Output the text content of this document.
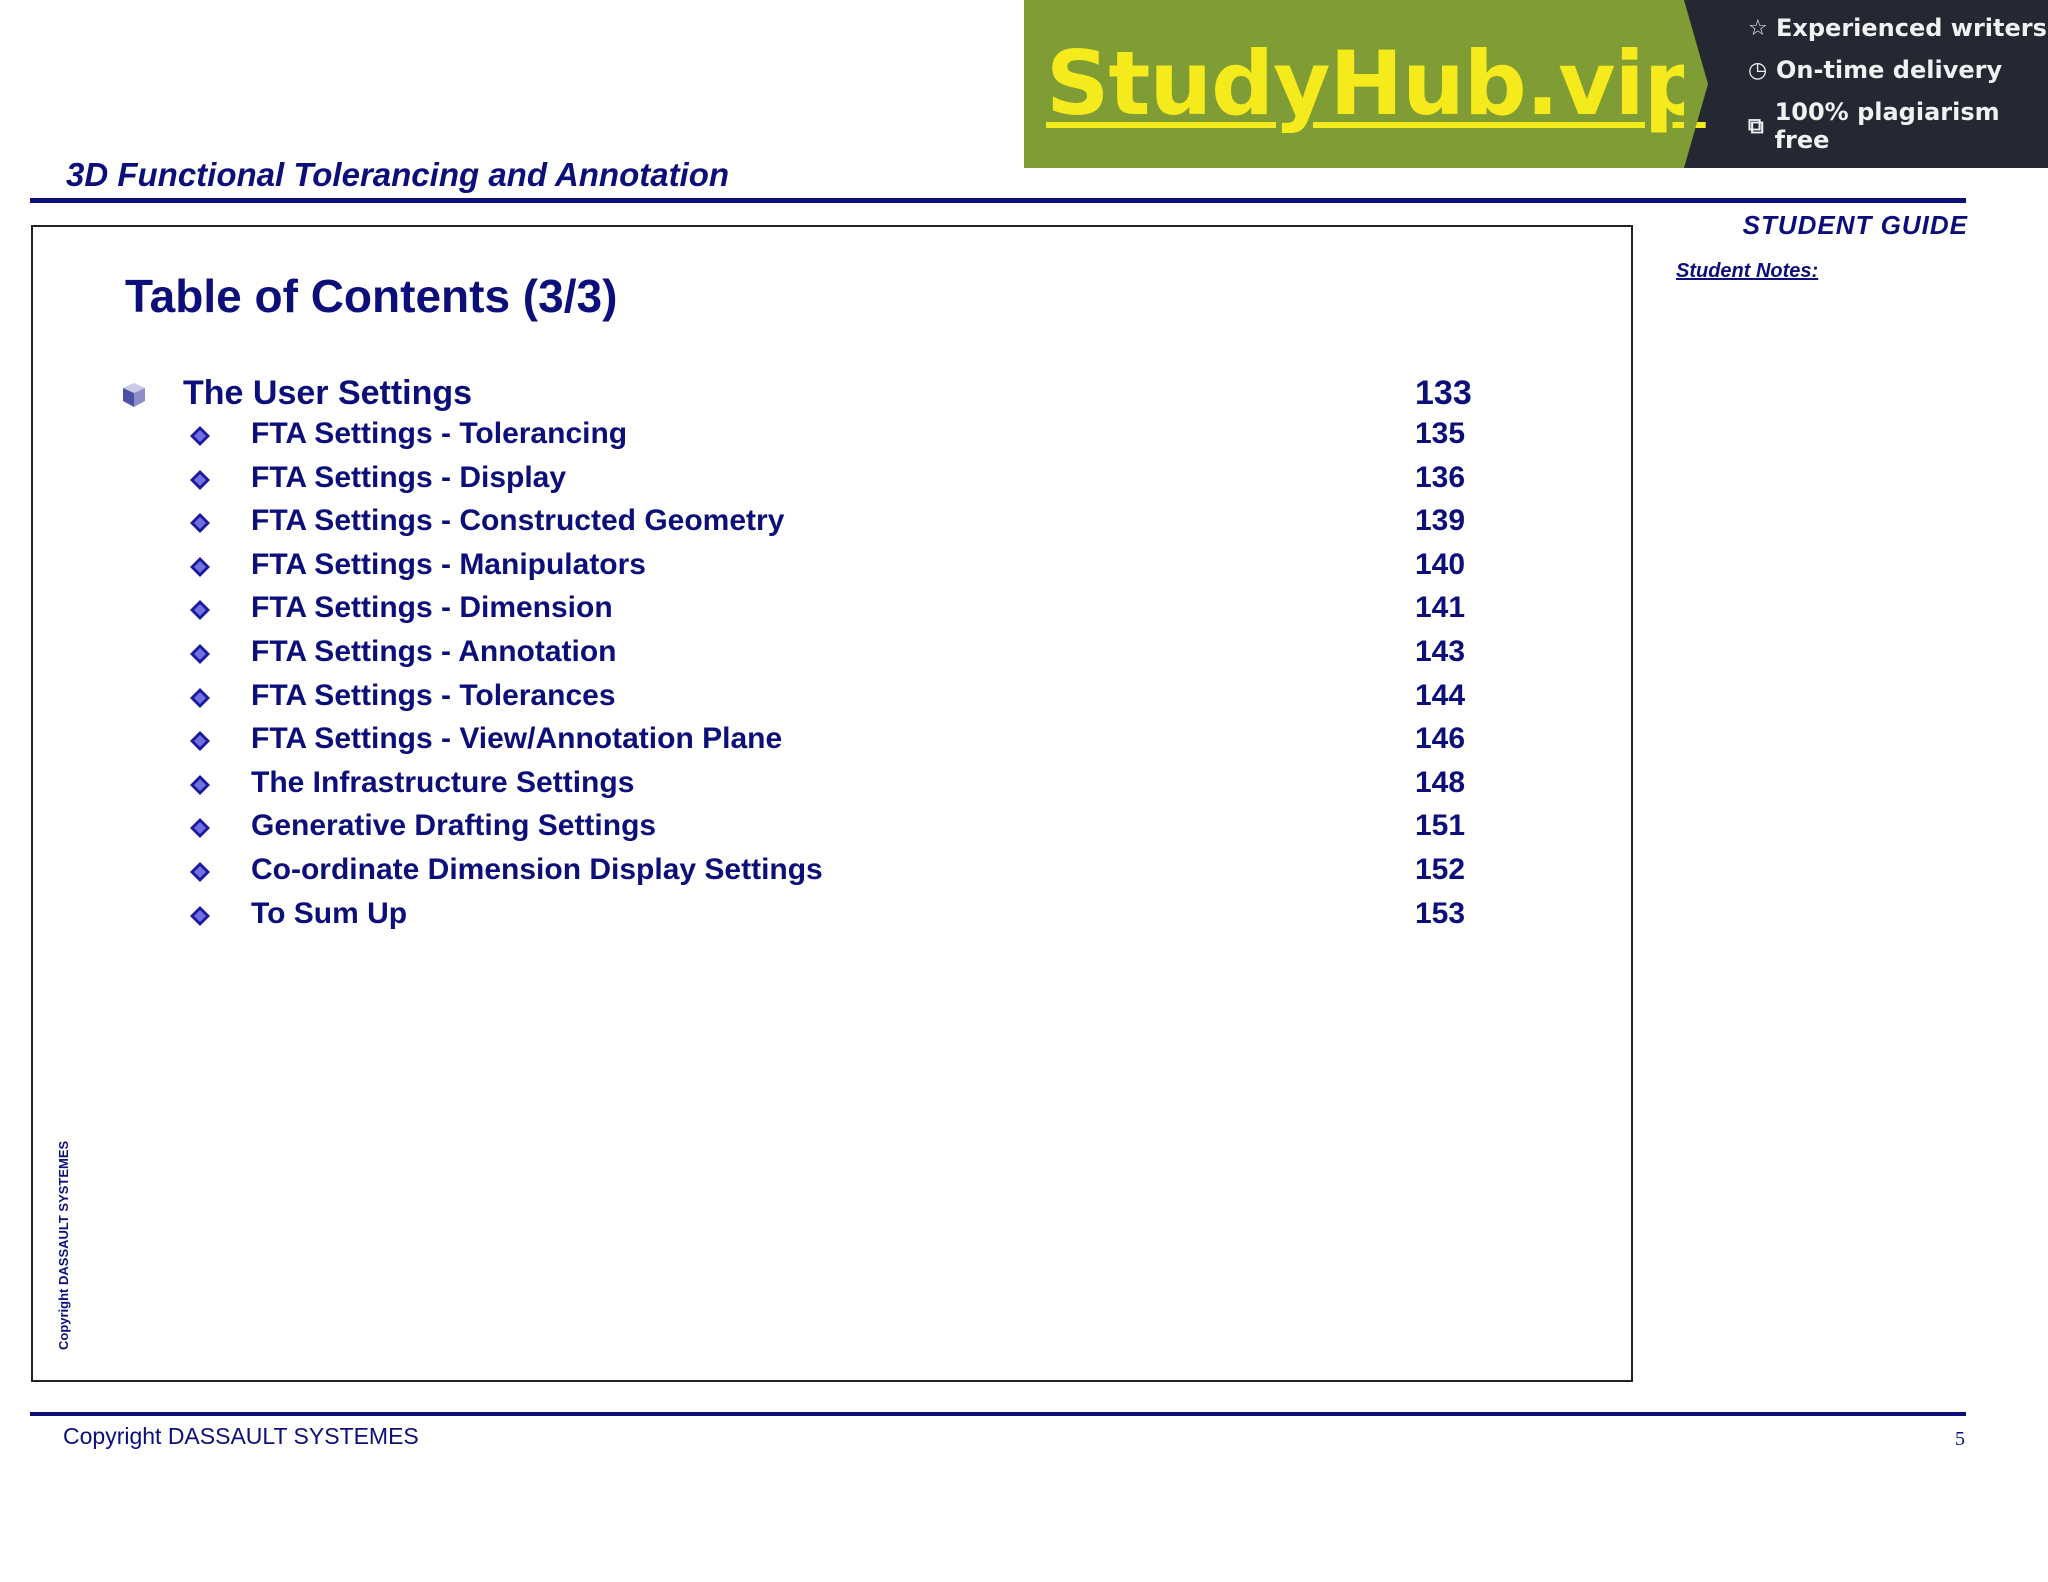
StudyHub.vip
☆ Experienced writers
◷ On-time delivery
⧉ 100% plagiarism free
3D Functional Tolerancing and Annotation
STUDENT GUIDE
Student Notes:
Table of Contents (3/3)
The User Settings	133
FTA Settings - Tolerancing	135
FTA Settings - Display	136
FTA Settings - Constructed Geometry	139
FTA Settings - Manipulators	140
FTA Settings - Dimension	141
FTA Settings - Annotation	143
FTA Settings - Tolerances	144
FTA Settings - View/Annotation Plane	146
The Infrastructure Settings	148
Generative Drafting Settings	151
Co-ordinate Dimension Display Settings	152
To Sum Up	153
Copyright DASSAULT SYSTEMES
Copyright DASSAULT SYSTEMES	5
